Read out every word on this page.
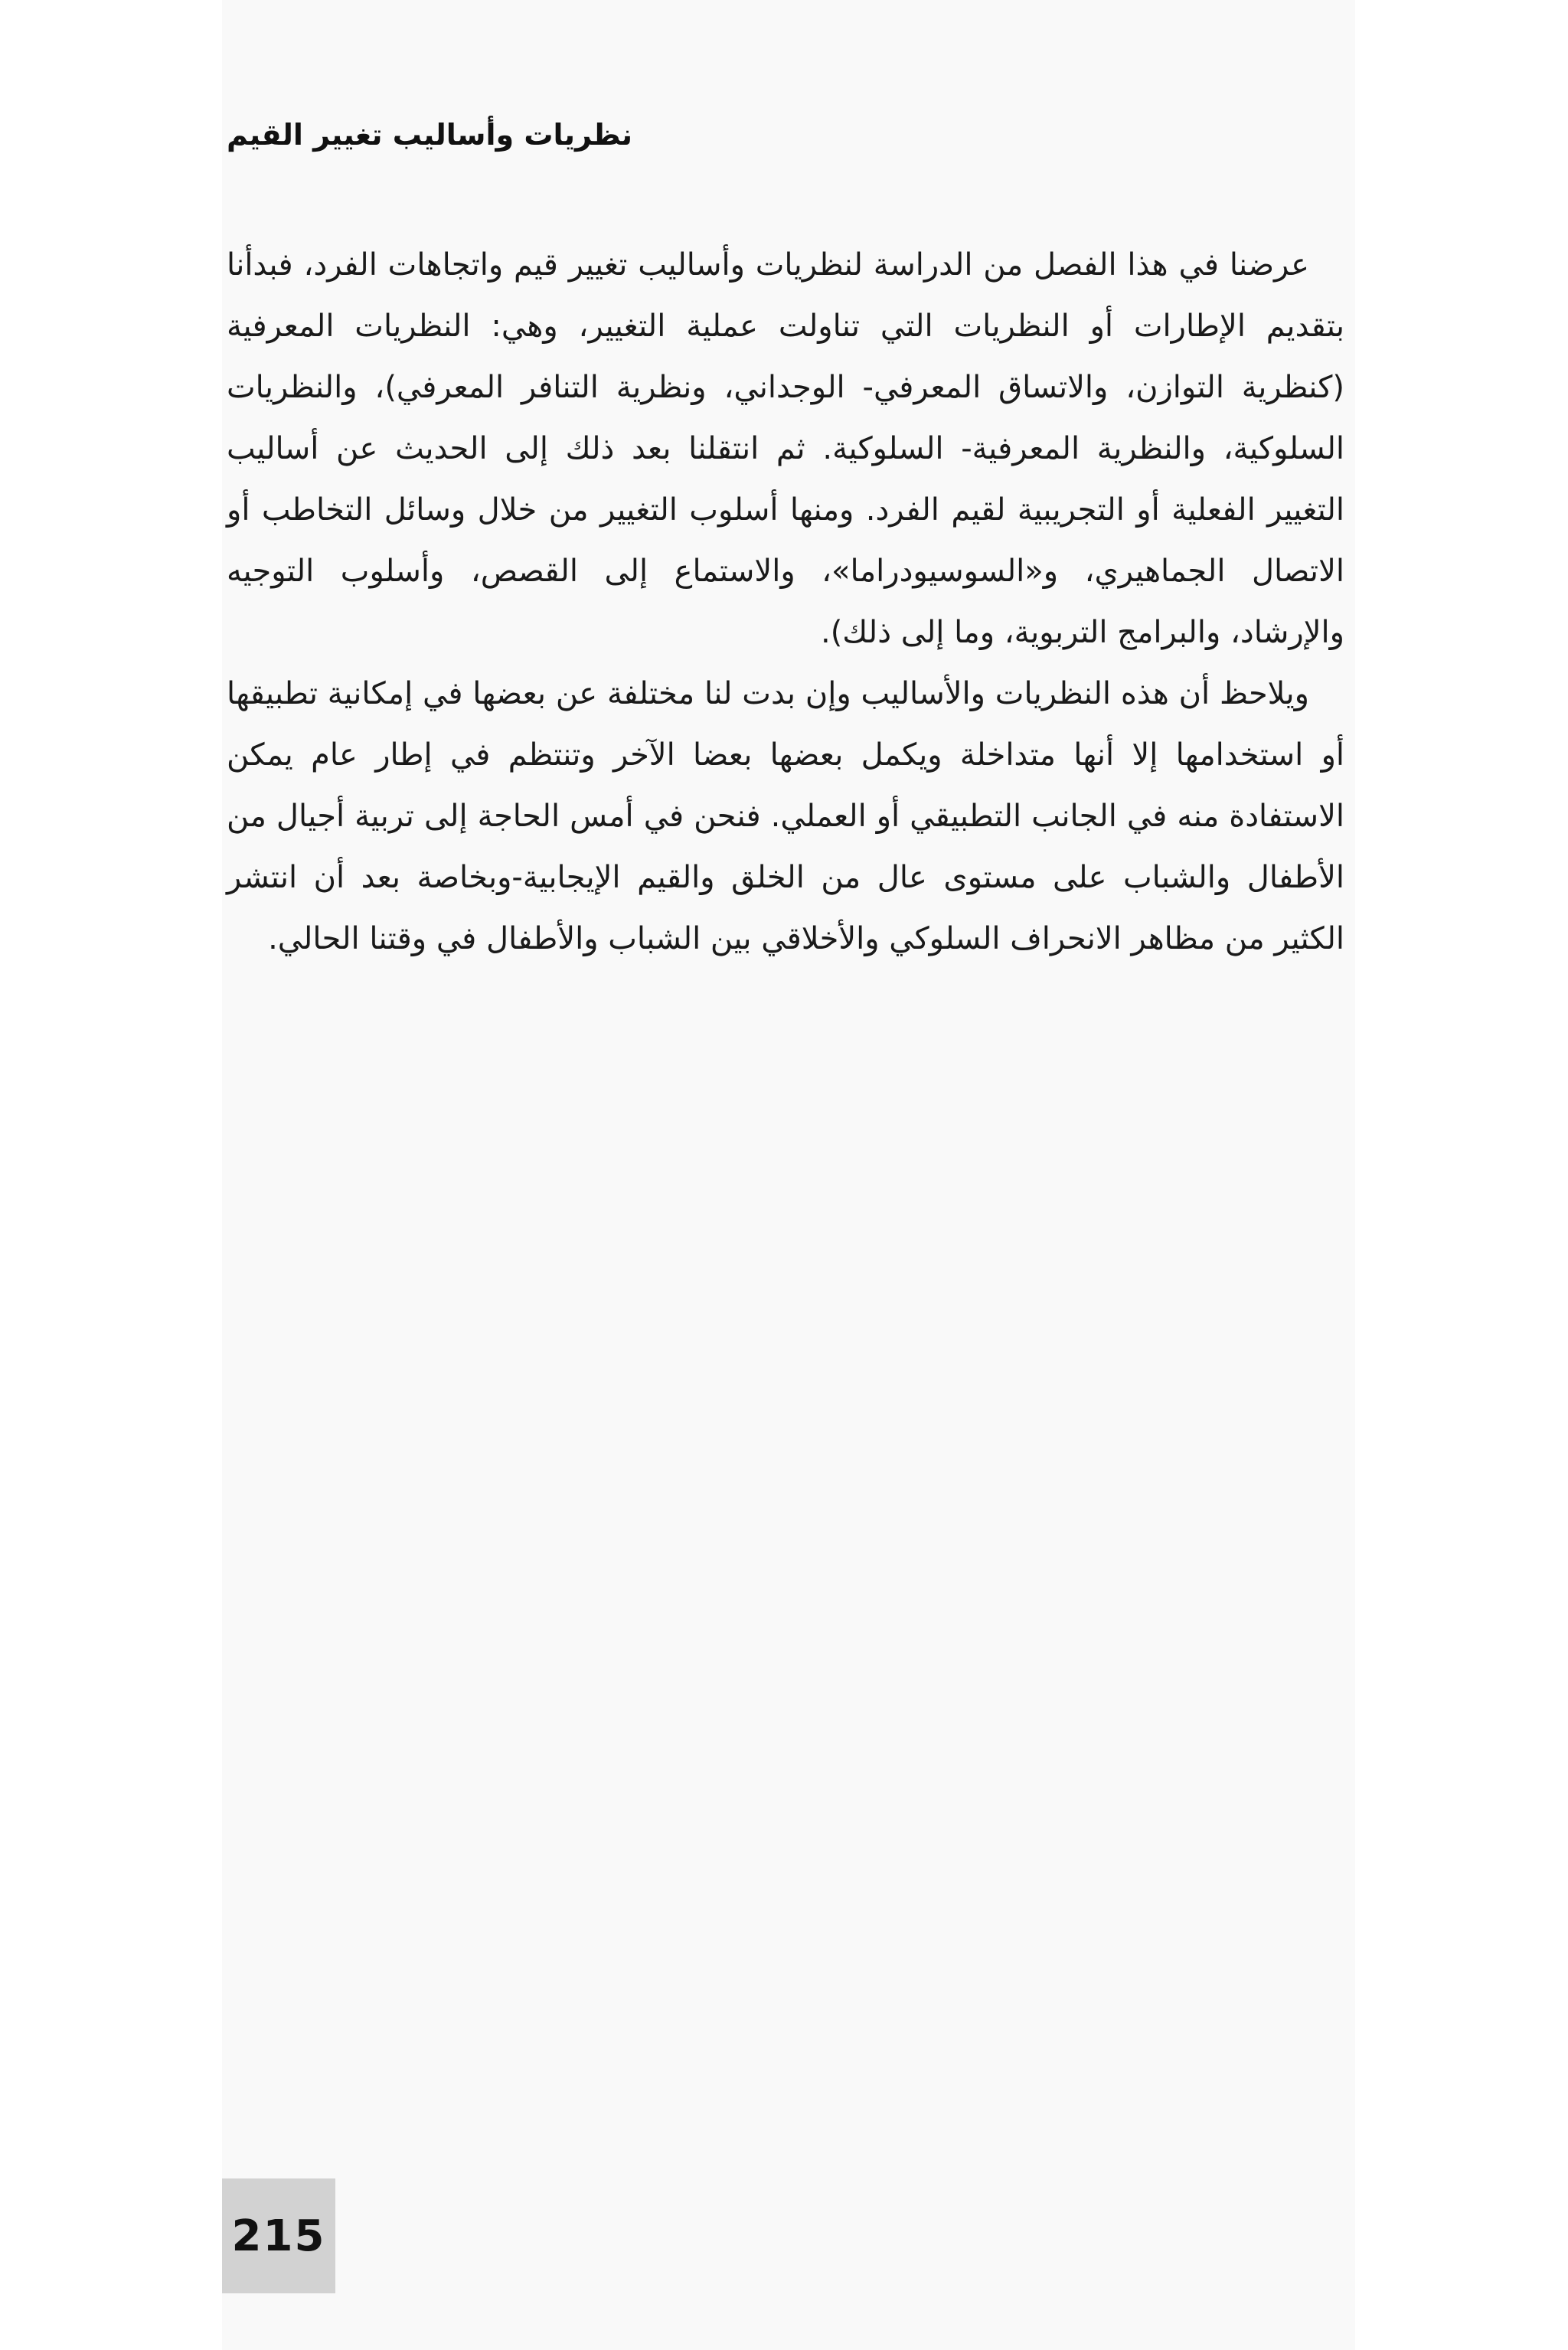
نظريات وأساليب تغيير القيم

عرضنا في هذا الفصل من الدراسة لنظريات وأساليب تغيير قيم واتجاهات الفرد، فبدأنا بتقديم الإطارات أو النظريات التي تناولت عملية التغيير، وهي: النظريات المعرفية (كنظرية التوازن، والاتساق المعرفي- الوجداني، ونظرية التنافر المعرفي)، والنظريات السلوكية، والنظرية المعرفية- السلوكية. ثم انتقلنا بعد ذلك إلى الحديث عن أساليب التغيير الفعلية أو التجريبية لقيم الفرد. ومنها أسلوب التغيير من خلال وسائل التخاطب أو الاتصال الجماهيري، و«السوسيودراما»، والاستماع إلى القصص، وأسلوب التوجيه والإرشاد، والبرامج التربوية، وما إلى ذلك).

ويلاحظ أن هذه النظريات والأساليب وإن بدت لنا مختلفة عن بعضها في إمكانية تطبيقها أو استخدامها إلا أنها متداخلة ويكمل بعضها بعضا الآخر وتنتظم في إطار عام يمكن الاستفادة منه في الجانب التطبيقي أو العملي. فنحن في أمس الحاجة إلى تربية أجيال من الأطفال والشباب على مستوى عال من الخلق والقيم الإيجابية-وبخاصة بعد أن انتشر الكثير من مظاهر الانحراف السلوكي والأخلاقي بين الشباب والأطفال في وقتنا الحالي.

215
